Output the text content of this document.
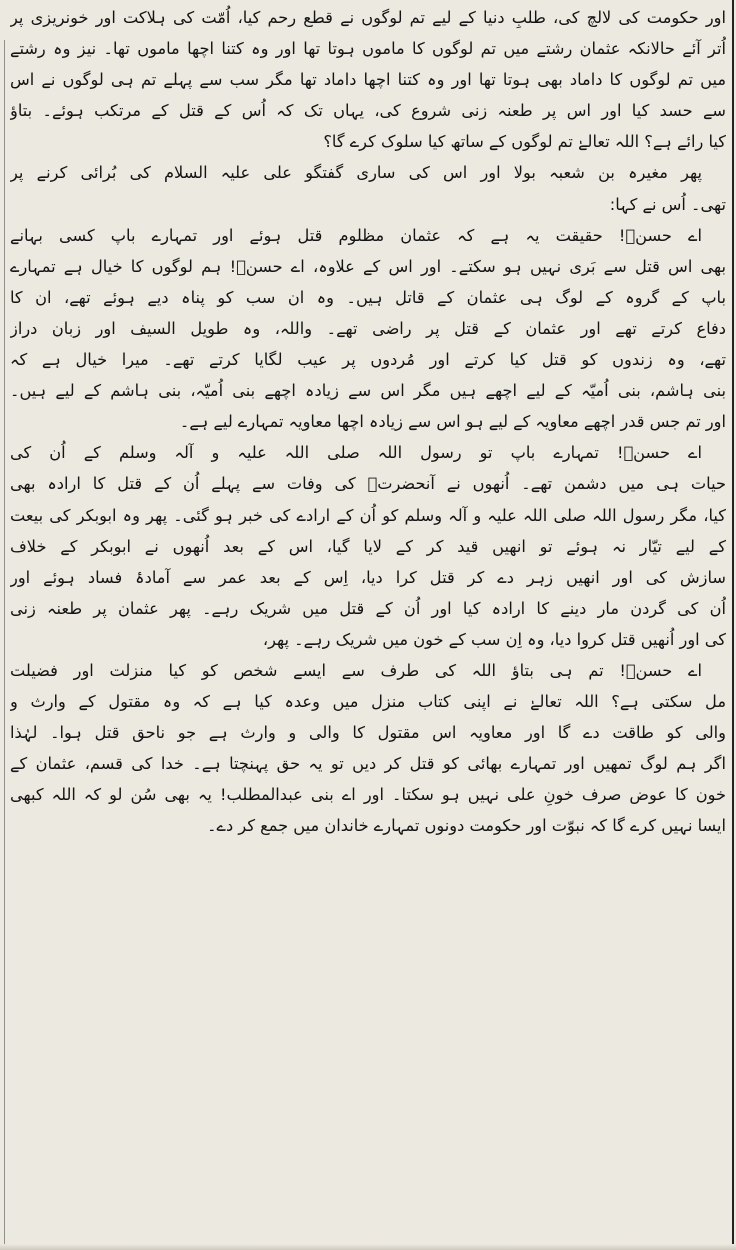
اور حکومت کی لالچ کی، طلبِ دنیا کے لیے تم لوگوں نے قطع رحم کیا، اُمّت کی ہلاکت اور خونریزی پر
اُتر آئے حالانکہ عثمان رشتے میں تم لوگوں کا ماموں ہوتا تھا اور وہ کتنا اچھا ماموں تھا۔ نیز وہ رشتے
میں تم لوگوں کا داماد بھی ہوتا تھا اور وہ کتنا اچھا داماد تھا مگر سب سے پہلے تم ہی لوگوں نے اس
سے حسد کیا اور اس پر طعنہ زنی شروع کی، یہاں تک کہ اُس کے قتل کے مرتکب ہوئے۔ بتاؤ
کیا رائے ہے؟ اللہ تعالےٰ تم لوگوں کے ساتھ کیا سلوک کرے گا؟
پھر مغیرہ بن شعبہ بولا اور اس کی ساری گفتگو علی علیہ السلام کی بُرائی کرنے پر
تھی۔ اُس نے کہا:
اے حسنؑ! حقیقت یہ ہے کہ عثمان مظلوم قتل ہوئے اور تمہارے باپ کسی بہانے
بھی اس قتل سے بَری نہیں ہو سکتے۔ اور اس کے علاوہ، اے حسنؑ! ہم لوگوں کا خیال ہے تمہارے
باپ کے گروہ کے لوگ ہی عثمان کے قاتل ہیں۔ وہ ان سب کو پناہ دیے ہوئے تھے، ان کا
دفاع کرتے تھے اور عثمان کے قتل پر راضی تھے۔ واللہ، وہ طویل السیف اور زبان دراز
تھے، وہ زندوں کو قتل کیا کرتے اور مُردوں پر عیب لگایا کرتے تھے۔ میرا خیال ہے کہ
بنی ہاشم، بنی اُمیّہ کے لیے اچھے ہیں مگر اس سے زیادہ اچھے بنی اُمیّہ، بنی ہاشم کے لیے ہیں۔
اور تم جس قدر اچھے معاویہ کے لیے ہو اس سے زیادہ اچھا معاویہ تمہارے لیے ہے۔
اے حسنؑ! تمہارے باپ تو رسول اللہ صلی اللہ علیہ و آلہ وسلم کے اُن کی
حیات ہی میں دشمن تھے۔ اُنھوں نے آنحضرتؐ کی وفات سے پہلے اُن کے قتل کا ارادہ بھی
کیا، مگر رسول اللہ صلی اللہ علیہ و آلہ وسلم کو اُن کے ارادے کی خبر ہو گئی۔ پھر وہ ابوبکر کی بیعت
کے لیے تیّار نہ ہوئے تو انھیں قید کر کے لایا گیا، اس کے بعد اُنھوں نے ابوبکر کے خلاف
سازش کی اور انھیں زہر دے کر قتل کرا دیا، اِس کے بعد عمر سے آمادۂ فساد ہوئے اور
اُن کی گردن مار دینے کا ارادہ کیا اور اُن کے قتل میں شریک رہے۔ پھر عثمان پر طعنہ زنی
کی اور اُنھیں قتل کروا دیا، وہ اِن سب کے خون میں شریک رہے۔ پھر،
اے حسنؑ! تم ہی بتاؤ اللہ کی طرف سے ایسے شخص کو کیا منزلت اور فضیلت
مل سکتی ہے؟ اللہ تعالےٰ نے اپنی کتاب منزل میں وعدہ کیا ہے کہ وہ مقتول کے وارث و
والی کو طاقت دے گا اور معاویہ اس مقتول کا والی و وارث ہے جو ناحق قتل ہوا۔ لہٰذا
اگر ہم لوگ تمھیں اور تمہارے بھائی کو قتل کر دیں تو یہ حق پہنچتا ہے۔ خدا کی قسم، عثمان کے
خون کا عوض صرف خونِ علی نہیں ہو سکتا۔ اور اے بنی عبدالمطلب! یہ بھی سُن لو کہ اللہ کبھی
ایسا نہیں کرے گا کہ نبوّت اور حکومت دونوں تمہارے خاندان میں جمع کر دے۔
